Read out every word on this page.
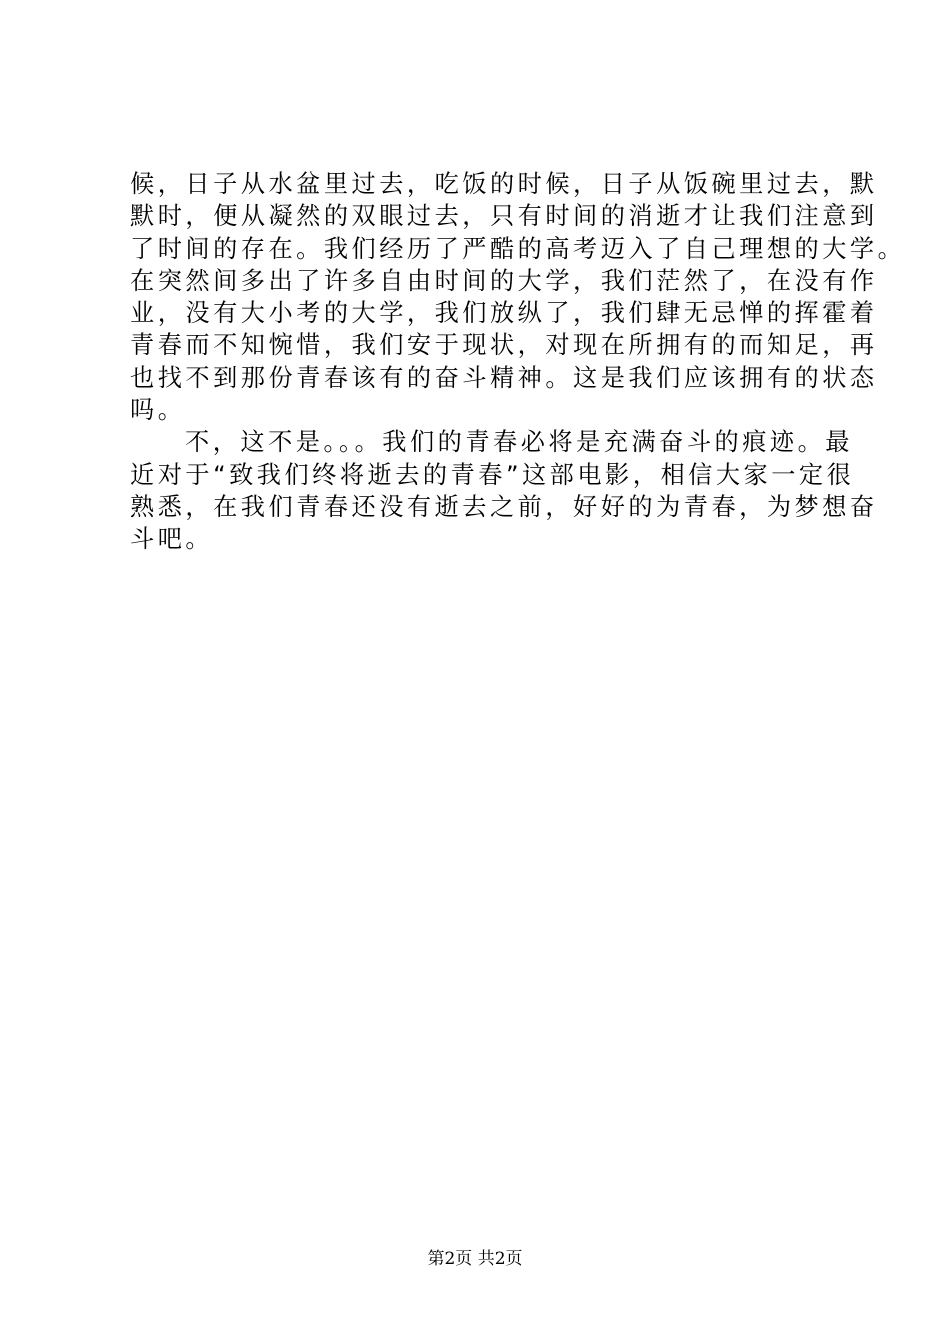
候，日子从水盆里过去，吃饭的时候，日子从饭碗里过去，默
默时，便从凝然的双眼过去，只有时间的消逝才让我们注意到
了时间的存在。我们经历了严酷的高考迈入了自己理想的大学。
在突然间多出了许多自由时间的大学，我们茫然了，在没有作
业，没有大小考的大学，我们放纵了，我们肆无忌惮的挥霍着
青春而不知惋惜，我们安于现状，对现在所拥有的而知足，再
也找不到那份青春该有的奋斗精神。这是我们应该拥有的状态
吗。
不，这不是。。。我们的青春必将是充满奋斗的痕迹。最
近对于“致我们终将逝去的青春”这部电影，相信大家一定很
熟悉，在我们青春还没有逝去之前，好好的为青春，为梦想奋
斗吧。
第2页 共2页
